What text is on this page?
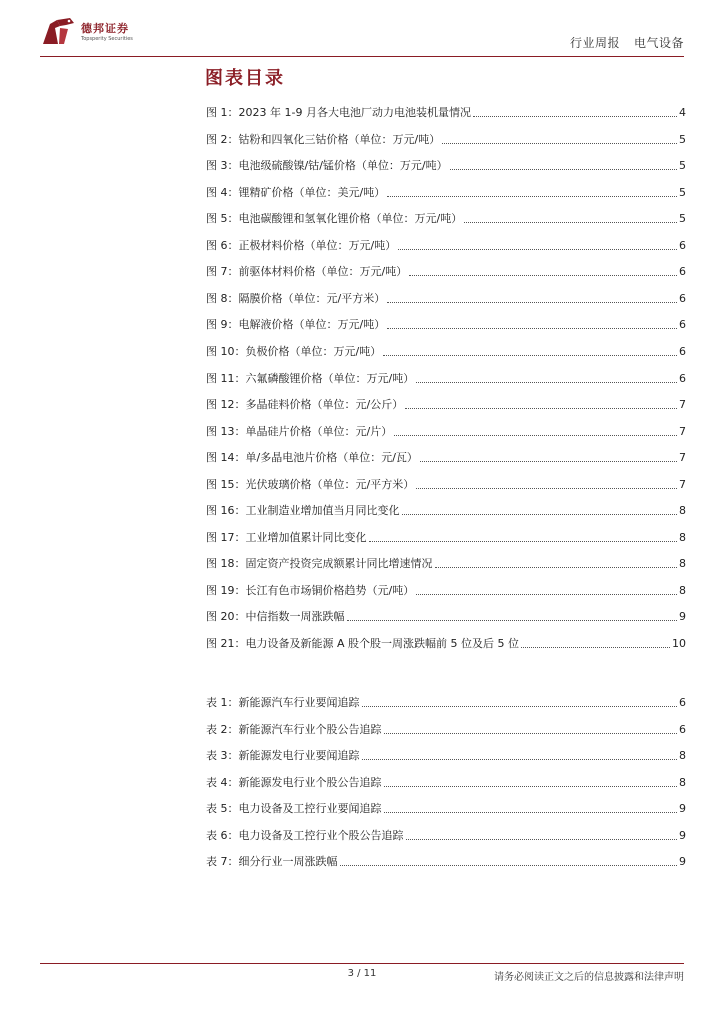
德邦证券
Topsperity Securities	行业周报 电气设备
图表目录
图 1：2023 年 1-9 月各大电池厂动力电池装机量情况	4
图 2：钴粉和四氧化三钴价格（单位：万元/吨）	5
图 3：电池级硫酸镍/钴/锰价格（单位：万元/吨）	5
图 4：锂精矿价格（单位：美元/吨）	5
图 5：电池碳酸锂和氢氧化锂价格（单位：万元/吨）	5
图 6：正极材料价格（单位：万元/吨）	6
图 7：前驱体材料价格（单位：万元/吨）	6
图 8：隔膜价格（单位：元/平方米）	6
图 9：电解液价格（单位：万元/吨）	6
图 10：负极价格（单位：万元/吨）	6
图 11：六氟磷酸锂价格（单位：万元/吨）	6
图 12：多晶硅料价格（单位：元/公斤）	7
图 13：单晶硅片价格（单位：元/片）	7
图 14：单/多晶电池片价格（单位：元/瓦）	7
图 15：光伏玻璃价格（单位：元/平方米）	7
图 16：工业制造业增加值当月同比变化	8
图 17：工业增加值累计同比变化	8
图 18：固定资产投资完成额累计同比增速情况	8
图 19：长江有色市场铜价格趋势（元/吨）	8
图 20：中信指数一周涨跌幅	9
图 21：电力设备及新能源 A 股个股一周涨跌幅前 5 位及后 5 位	10
表 1：新能源汽车行业要闻追踪	6
表 2：新能源汽车行业个股公告追踪	6
表 3：新能源发电行业要闻追踪	8
表 4：新能源发电行业个股公告追踪	8
表 5：电力设备及工控行业要闻追踪	9
表 6：电力设备及工控行业个股公告追踪	9
表 7：细分行业一周涨跌幅	9
3 / 11	请务必阅读正文之后的信息披露和法律声明
